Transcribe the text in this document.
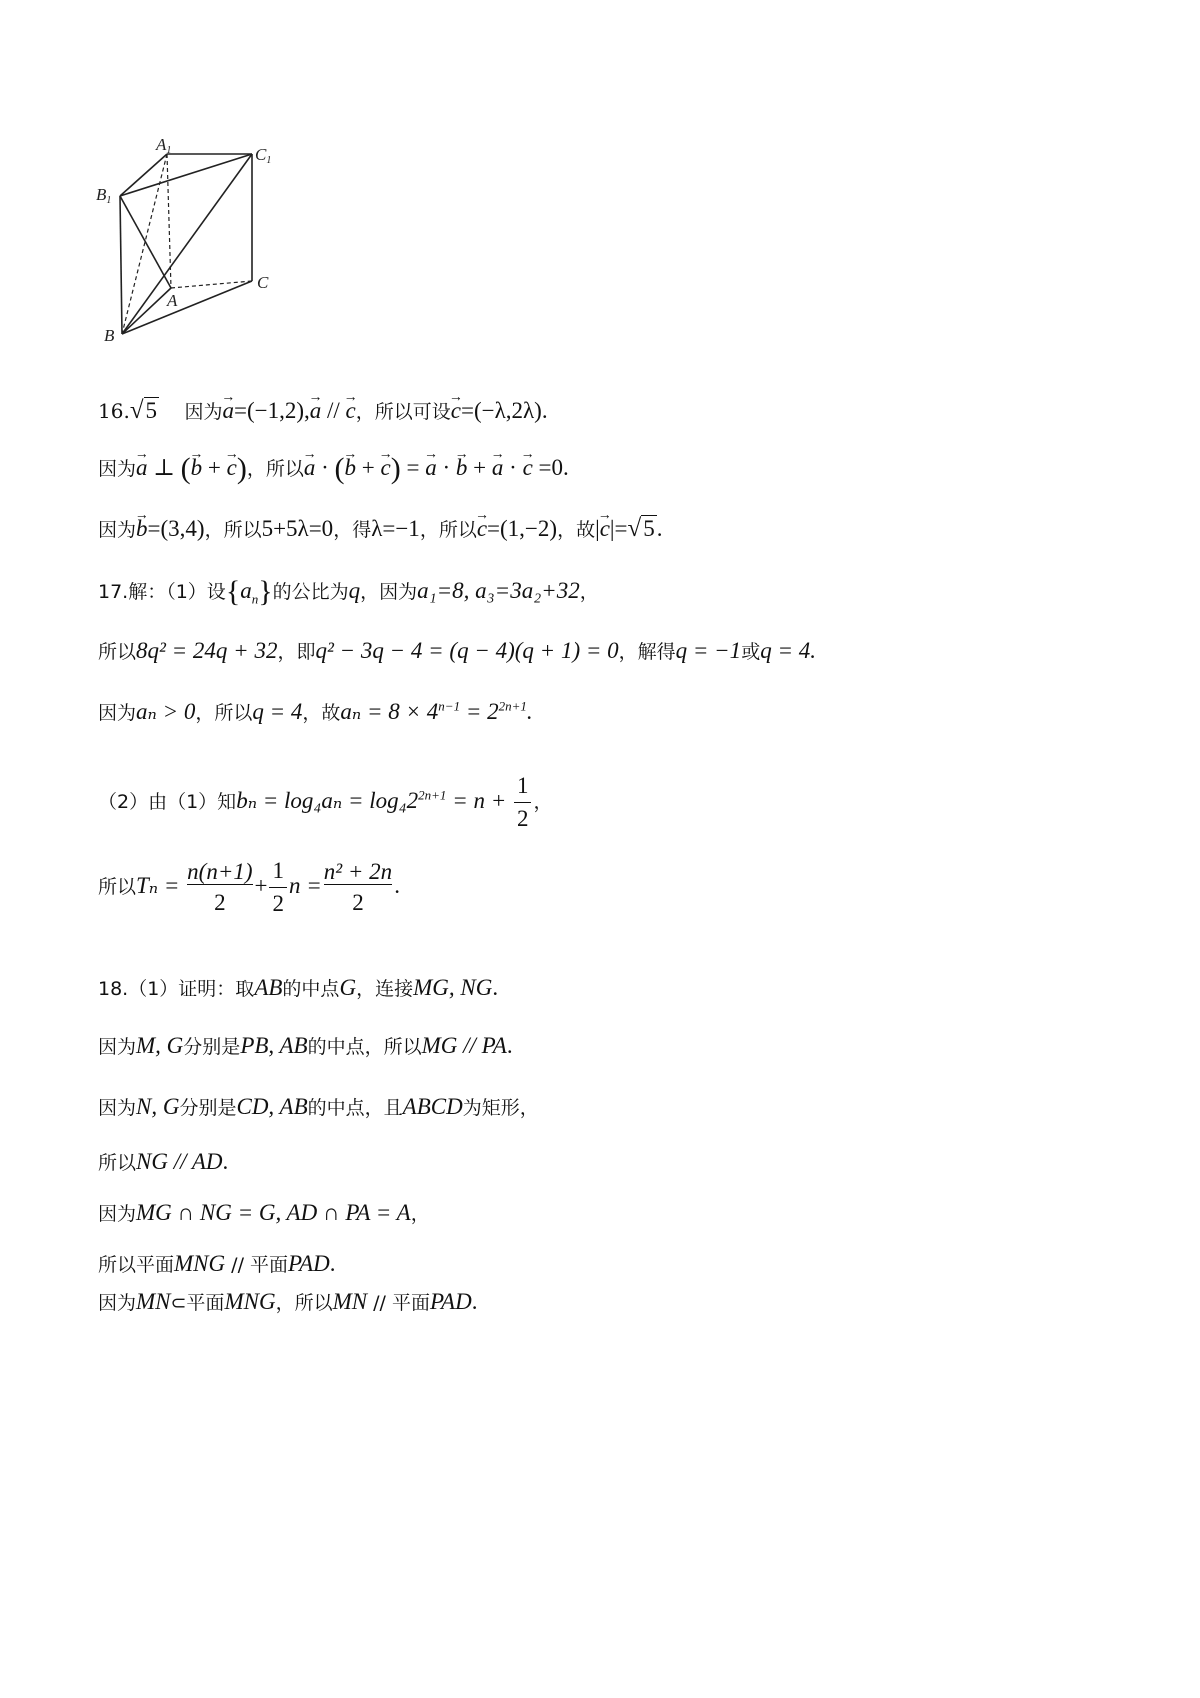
A1	C1
B1
C
A
B
16.√5 因为→ a=(−1,2),→ a // → c，所以可设→ c=(−λ,2λ).
因为→ a ⊥ (→ b + → c)，所以→ a · (→ b + → c) = → a · → b + → a · → c =0.
因为→ b=(3,4)，所以5+5λ=0，得λ=−1，所以→ c=(1,−2)，故|→ c|=√5.
17.解：（1）设$\{a_n\}$的公比为q，因为a₁=8, a₃=3a₂+32，
所以8q² = 24q + 32，即q² − 3q − 4 = (q − 4)(q + 1) = 0，解得q = −1或q = 4.
因为aₙ > 0，所以q = 4，故$a_n = 8 \times 4^{n-1} = 2^{2n+1}$.
（2）由（1）知$b_n = \log_4a_n = \log_42^{2n+1} = n + \frac{1}{2}$ ，
所以$T_n = \frac{n(n+1)}{2} + \frac{1}{2}$ $n =\frac{\text{n² + 2n}}{2}$ .
18.（1）证明：取AB的中点G，连接MG, NG.
因为M, G分别是PB, AB的中点，所以MG // PA.
因为N, G分别是CD, AB的中点，且ABCD为矩形，
所以NG // AD.
因为MG ∩ NG = G, AD ∩ PA = A，
所以平面MNG // 平面PAD.
因为MN⊂平面MNG，所以MN // 平面PAD.
